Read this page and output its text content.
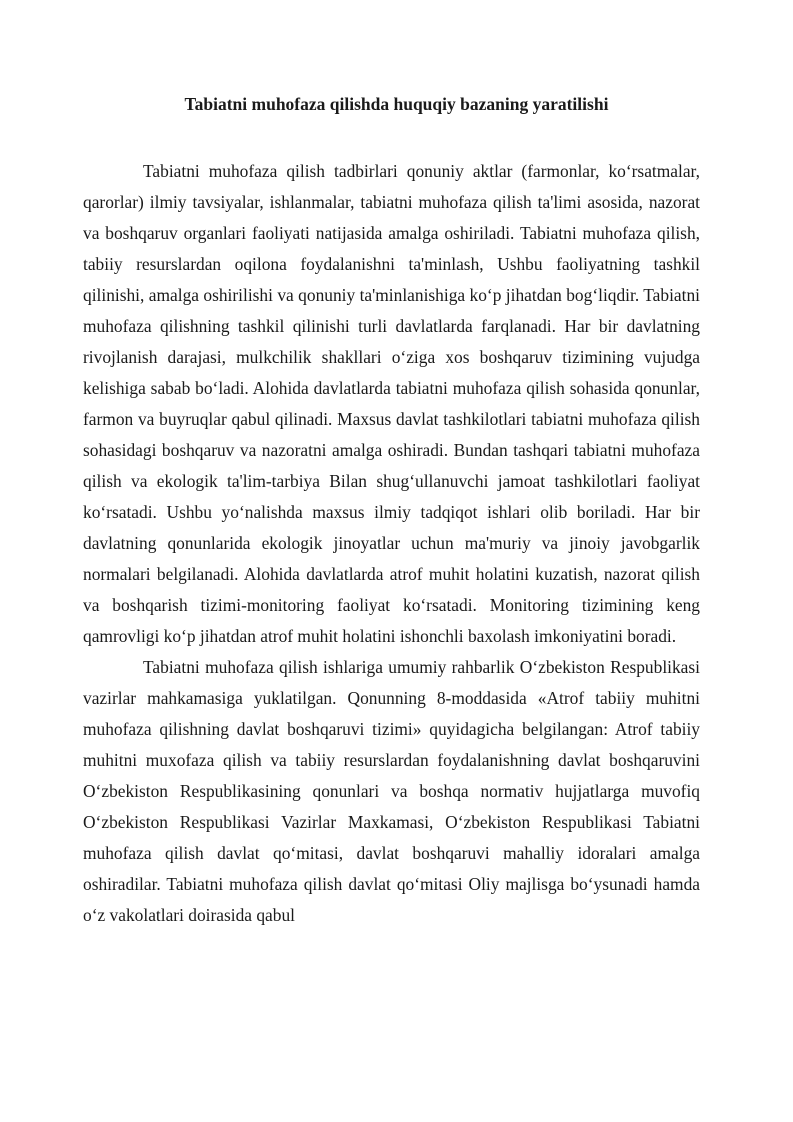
Tabiatni muhofaza qilishda huquqiy bazaning yaratilishi

Tabiatni muhofaza qilish tadbirlari qonuniy aktlar (farmonlar, ko‘rsatmalar, qarorlar) ilmiy tavsiyalar, ishlanmalar, tabiatni muhofaza qilish ta'limi asosida, nazorat va boshqaruv organlari faoliyati natijasida amalga oshiriladi. Tabiatni muhofaza qilish, tabiiy resurslardan oqilona foydalanishni ta'minlash, Ushbu faoliyatning tashkil qilinishi, amalga oshirilishi va qonuniy ta'minlanishiga ko‘p jihatdan bog‘liqdir. Tabiatni muhofaza qilishning tashkil qilinishi turli davlatlarda farqlanadi. Har bir davlatning rivojlanish darajasi, mulkchilik shakllari o‘ziga xos boshqaruv tizimining vujudga kelishiga sabab bo‘ladi. Alohida davlatlarda tabiatni muhofaza qilish sohasida qonunlar, farmon va buyruqlar qabul qilinadi. Maxsus davlat tashkilotlari tabiatni muhofaza qilish sohasidagi boshqaruv va nazoratni amalga oshiradi. Bundan tashqari tabiatni muhofaza qilish va ekologik ta'lim-tarbiya Bilan shug‘ullanuvchi jamoat tashkilotlari faoliyat ko‘rsatadi. Ushbu yo‘nalishda maxsus ilmiy tadqiqot ishlari olib boriladi. Har bir davlatning qonunlarida ekologik jinoyatlar uchun ma'muriy va jinoiy javobgarlik normalari belgilanadi. Alohida davlatlarda atrof muhit holatini kuzatish, nazorat qilish va boshqarish tizimi-monitoring faoliyat ko‘rsatadi. Monitoring tizimining keng qamrovligi ko‘p jihatdan atrof muhit holatini ishonchli baxolash imkoniyatini boradi.

Tabiatni muhofaza qilish ishlariga umumiy rahbarlik O‘zbekiston Respublikasi vazirlar mahkamasiga yuklatilgan. Qonunning 8-moddasida «Atrof tabiiy muhitni muhofaza qilishning davlat boshqaruvi tizimi» quyidagicha belgilangan: Atrof tabiiy muhitni muxofaza qilish va tabiiy resurslardan foydalanishning davlat boshqaruvini O‘zbekiston Respublikasining qonunlari va boshqa normativ hujjatlarga muvofiq O‘zbekiston Respublikasi Vazirlar Maxkamasi, O‘zbekiston Respublikasi Tabiatni muhofaza qilish davlat qo‘mitasi, davlat boshqaruvi mahalliy idoralari amalga oshiradilar. Tabiatni muhofaza qilish davlat qo‘mitasi Oliy majlisga bo‘ysunadi hamda o‘z vakolatlari doirasida qabul
